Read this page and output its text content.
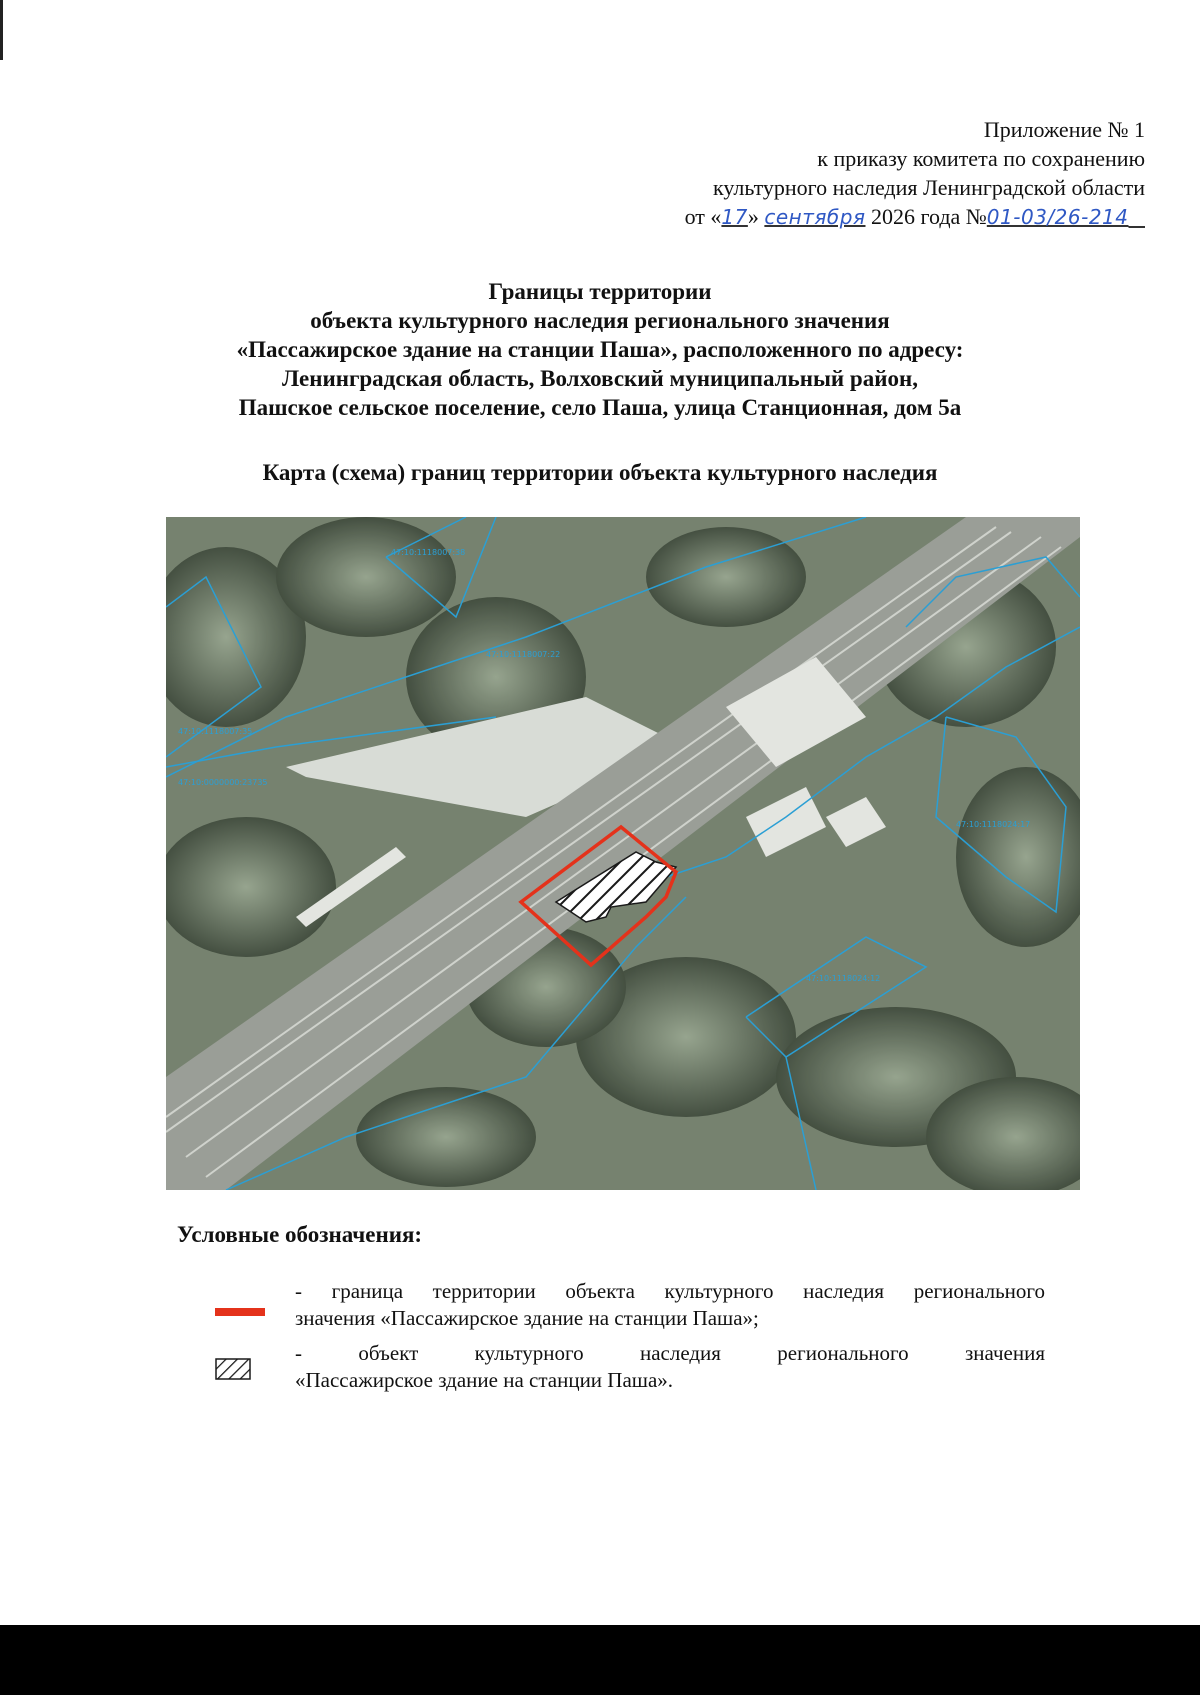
Приложение № 1
к приказу комитета по сохранению
культурного наследия Ленинградской области
от «17» сентября 2026 года №01-03/26-214
Границы территории
объекта культурного наследия регионального значения
«Пассажирское здание на станции Паша», расположенного по адресу:
Ленинградская область, Волховский муниципальный район,
Пашское сельское поселение, село Паша, улица Станционная, дом 5а
Карта (схема) границ территории объекта культурного наследия
47:10:1118007:38
47:10:1118007:22
47:10:1118007:35
47:10:0000000:23735
47:10:1118024:17
47:10:1118024:12
Условные обозначения:
- граница территории объекта культурного наследия регионального
значения «Пассажирское здание на станции Паша»;
- объект культурного наследия регионального значения
«Пассажирское здание на станции Паша».
